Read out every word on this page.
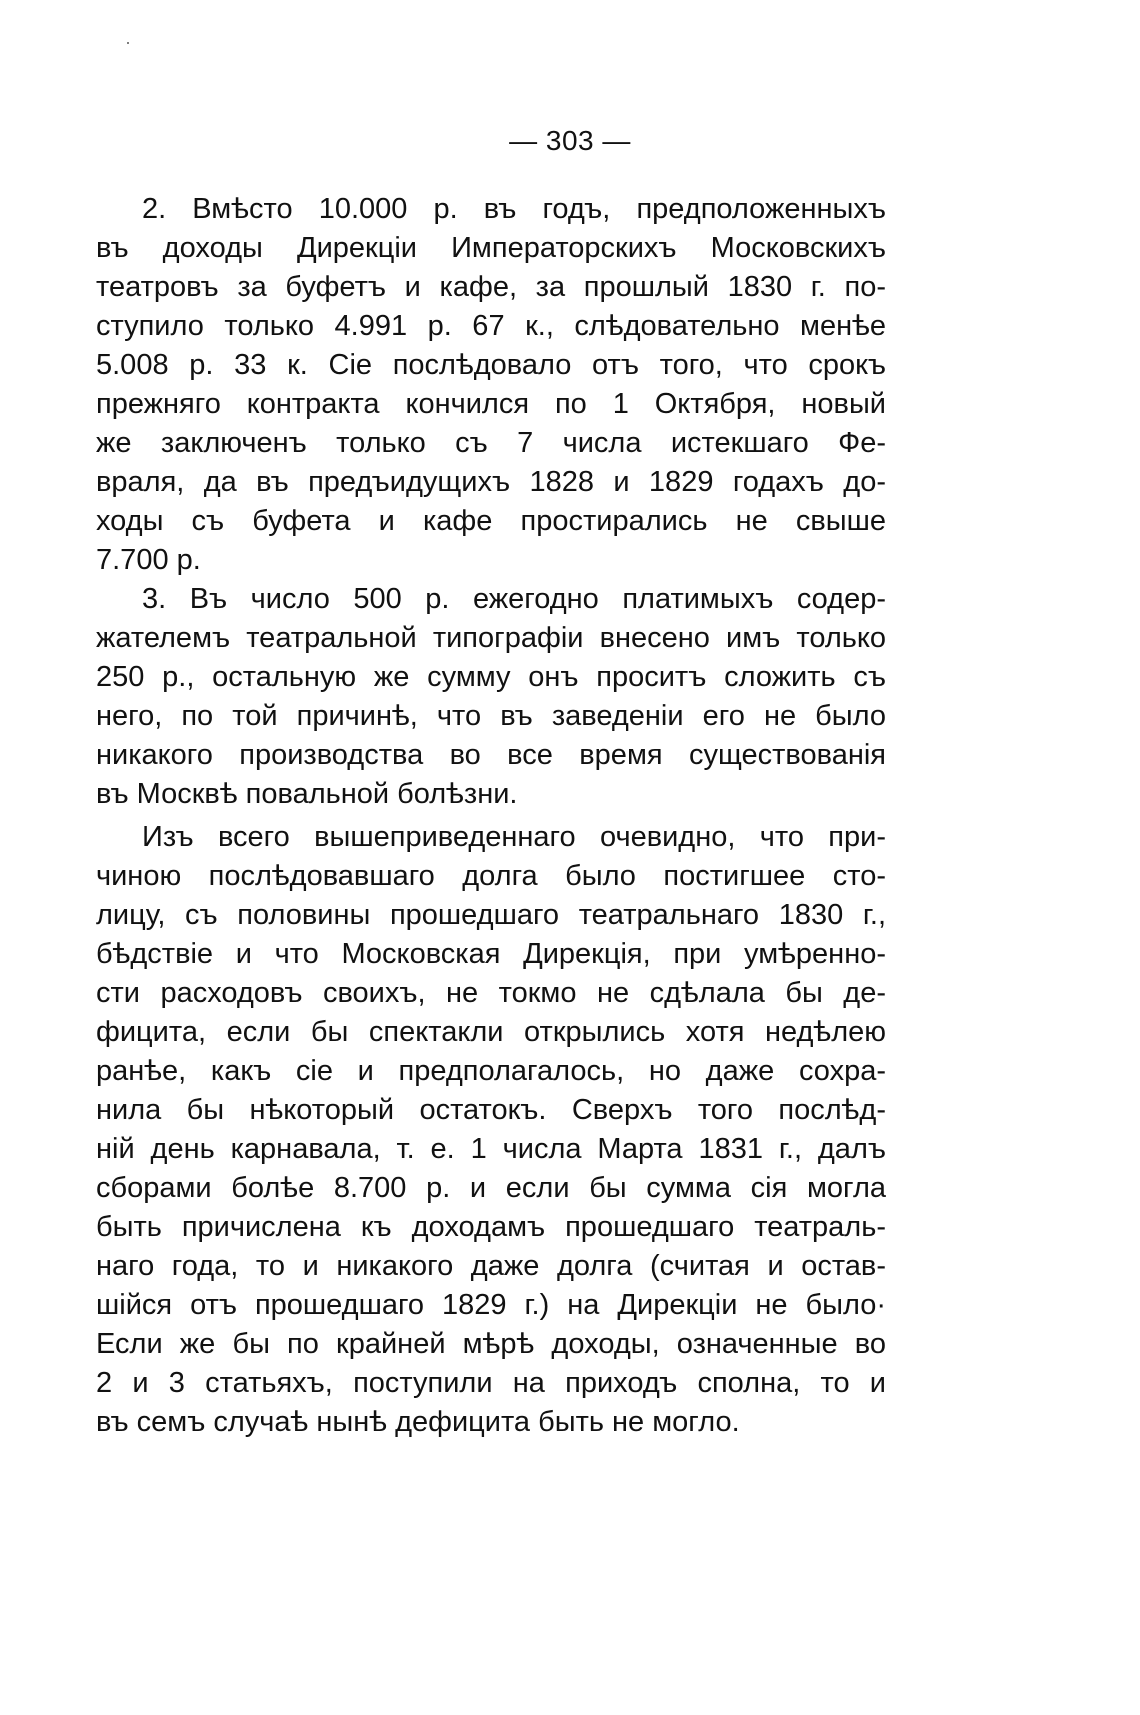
— 303 —
2. Вмѣсто 10.000 р. въ годъ, предположенныхъ
въ доходы Дирекціи Императорскихъ Московскихъ
театровъ за буфетъ и кафе, за прошлый 1830 г. по-
ступило только 4.991 р. 67 к., слѣдовательно менѣе
5.008 р. 33 к. Сіе послѣдовало отъ того, что срокъ
прежняго контракта кончился по 1 Октября, новый
же заключенъ только съ 7 числа истекшаго Фе-
враля, да въ предъидущихъ 1828 и 1829 годахъ до-
ходы съ буфета и кафе простирались не свыше
7.700 р.
3. Въ число 500 р. ежегодно платимыхъ содер-
жателемъ театральной типографіи внесено имъ только
250 р., остальную же сумму онъ проситъ сложить съ
него, по той причинѣ, что въ заведеніи его не было
никакого производства во все время существованія
въ Москвѣ повальной болѣзни.
Изъ всего вышеприведеннаго очевидно, что при-
чиною послѣдовавшаго долга было постигшее сто-
лицу, съ половины прошедшаго театральнаго 1830 г.,
бѣдствіе и что Московская Дирекція, при умѣренно-
сти расходовъ своихъ, не токмо не сдѣлала бы де-
фицита, если бы спектакли открылись хотя недѣлею
ранѣе, какъ сіе и предполагалось, но даже сохра-
нила бы нѣкоторый остатокъ. Сверхъ того послѣд-
ній день карнавала, т. е. 1 числа Марта 1831 г., далъ
сборами болѣе 8.700 р. и если бы сумма сія могла
быть причислена къ доходамъ прошедшаго театраль-
наго года, то и никакого даже долга (считая и остав-
шійся отъ прошедшаго 1829 г.) на Дирекціи не было·
Если же бы по крайней мѣрѣ доходы, означенные во
2 и 3 статьяхъ, поступили на приходъ сполна, то и
въ семъ случаѣ нынѣ дефицита быть не могло.
